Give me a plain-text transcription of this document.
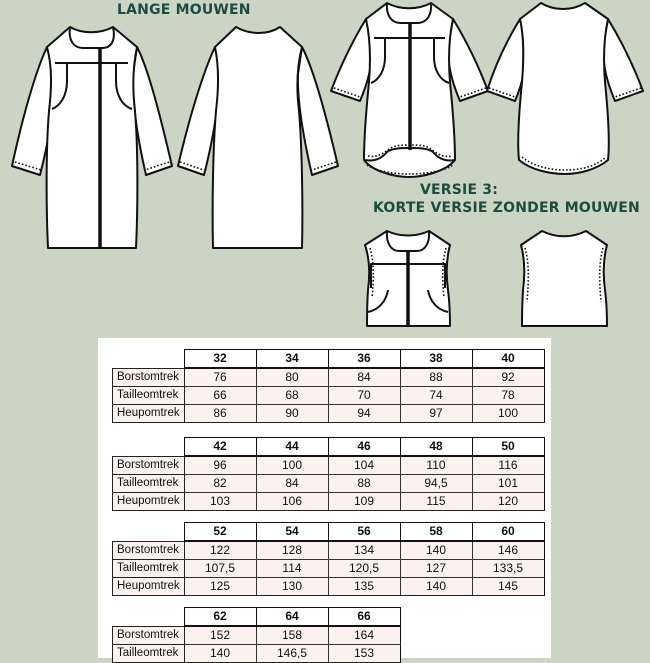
LANGE MOUWEN
VERSIE 3:
KORTE VERSIE ZONDER MOUWEN
	32	34	36	38	40
Borstomtrek	76	80	84	88	92
Tailleomtrek	66	68	70	74	78
Heupomtrek	86	90	94	97	100
	42	44	46	48	50
Borstomtrek	96	100	104	110	116
Tailleomtrek	82	84	88	94,5	101
Heupomtrek	103	106	109	115	120
	52	54	56	58	60
Borstomtrek	122	128	134	140	146
Tailleomtrek	107,5	114	120,5	127	133,5
Heupomtrek	125	130	135	140	145
	62	64	66
Borstomtrek	152	158	164
Tailleomtrek	140	146,5	153
